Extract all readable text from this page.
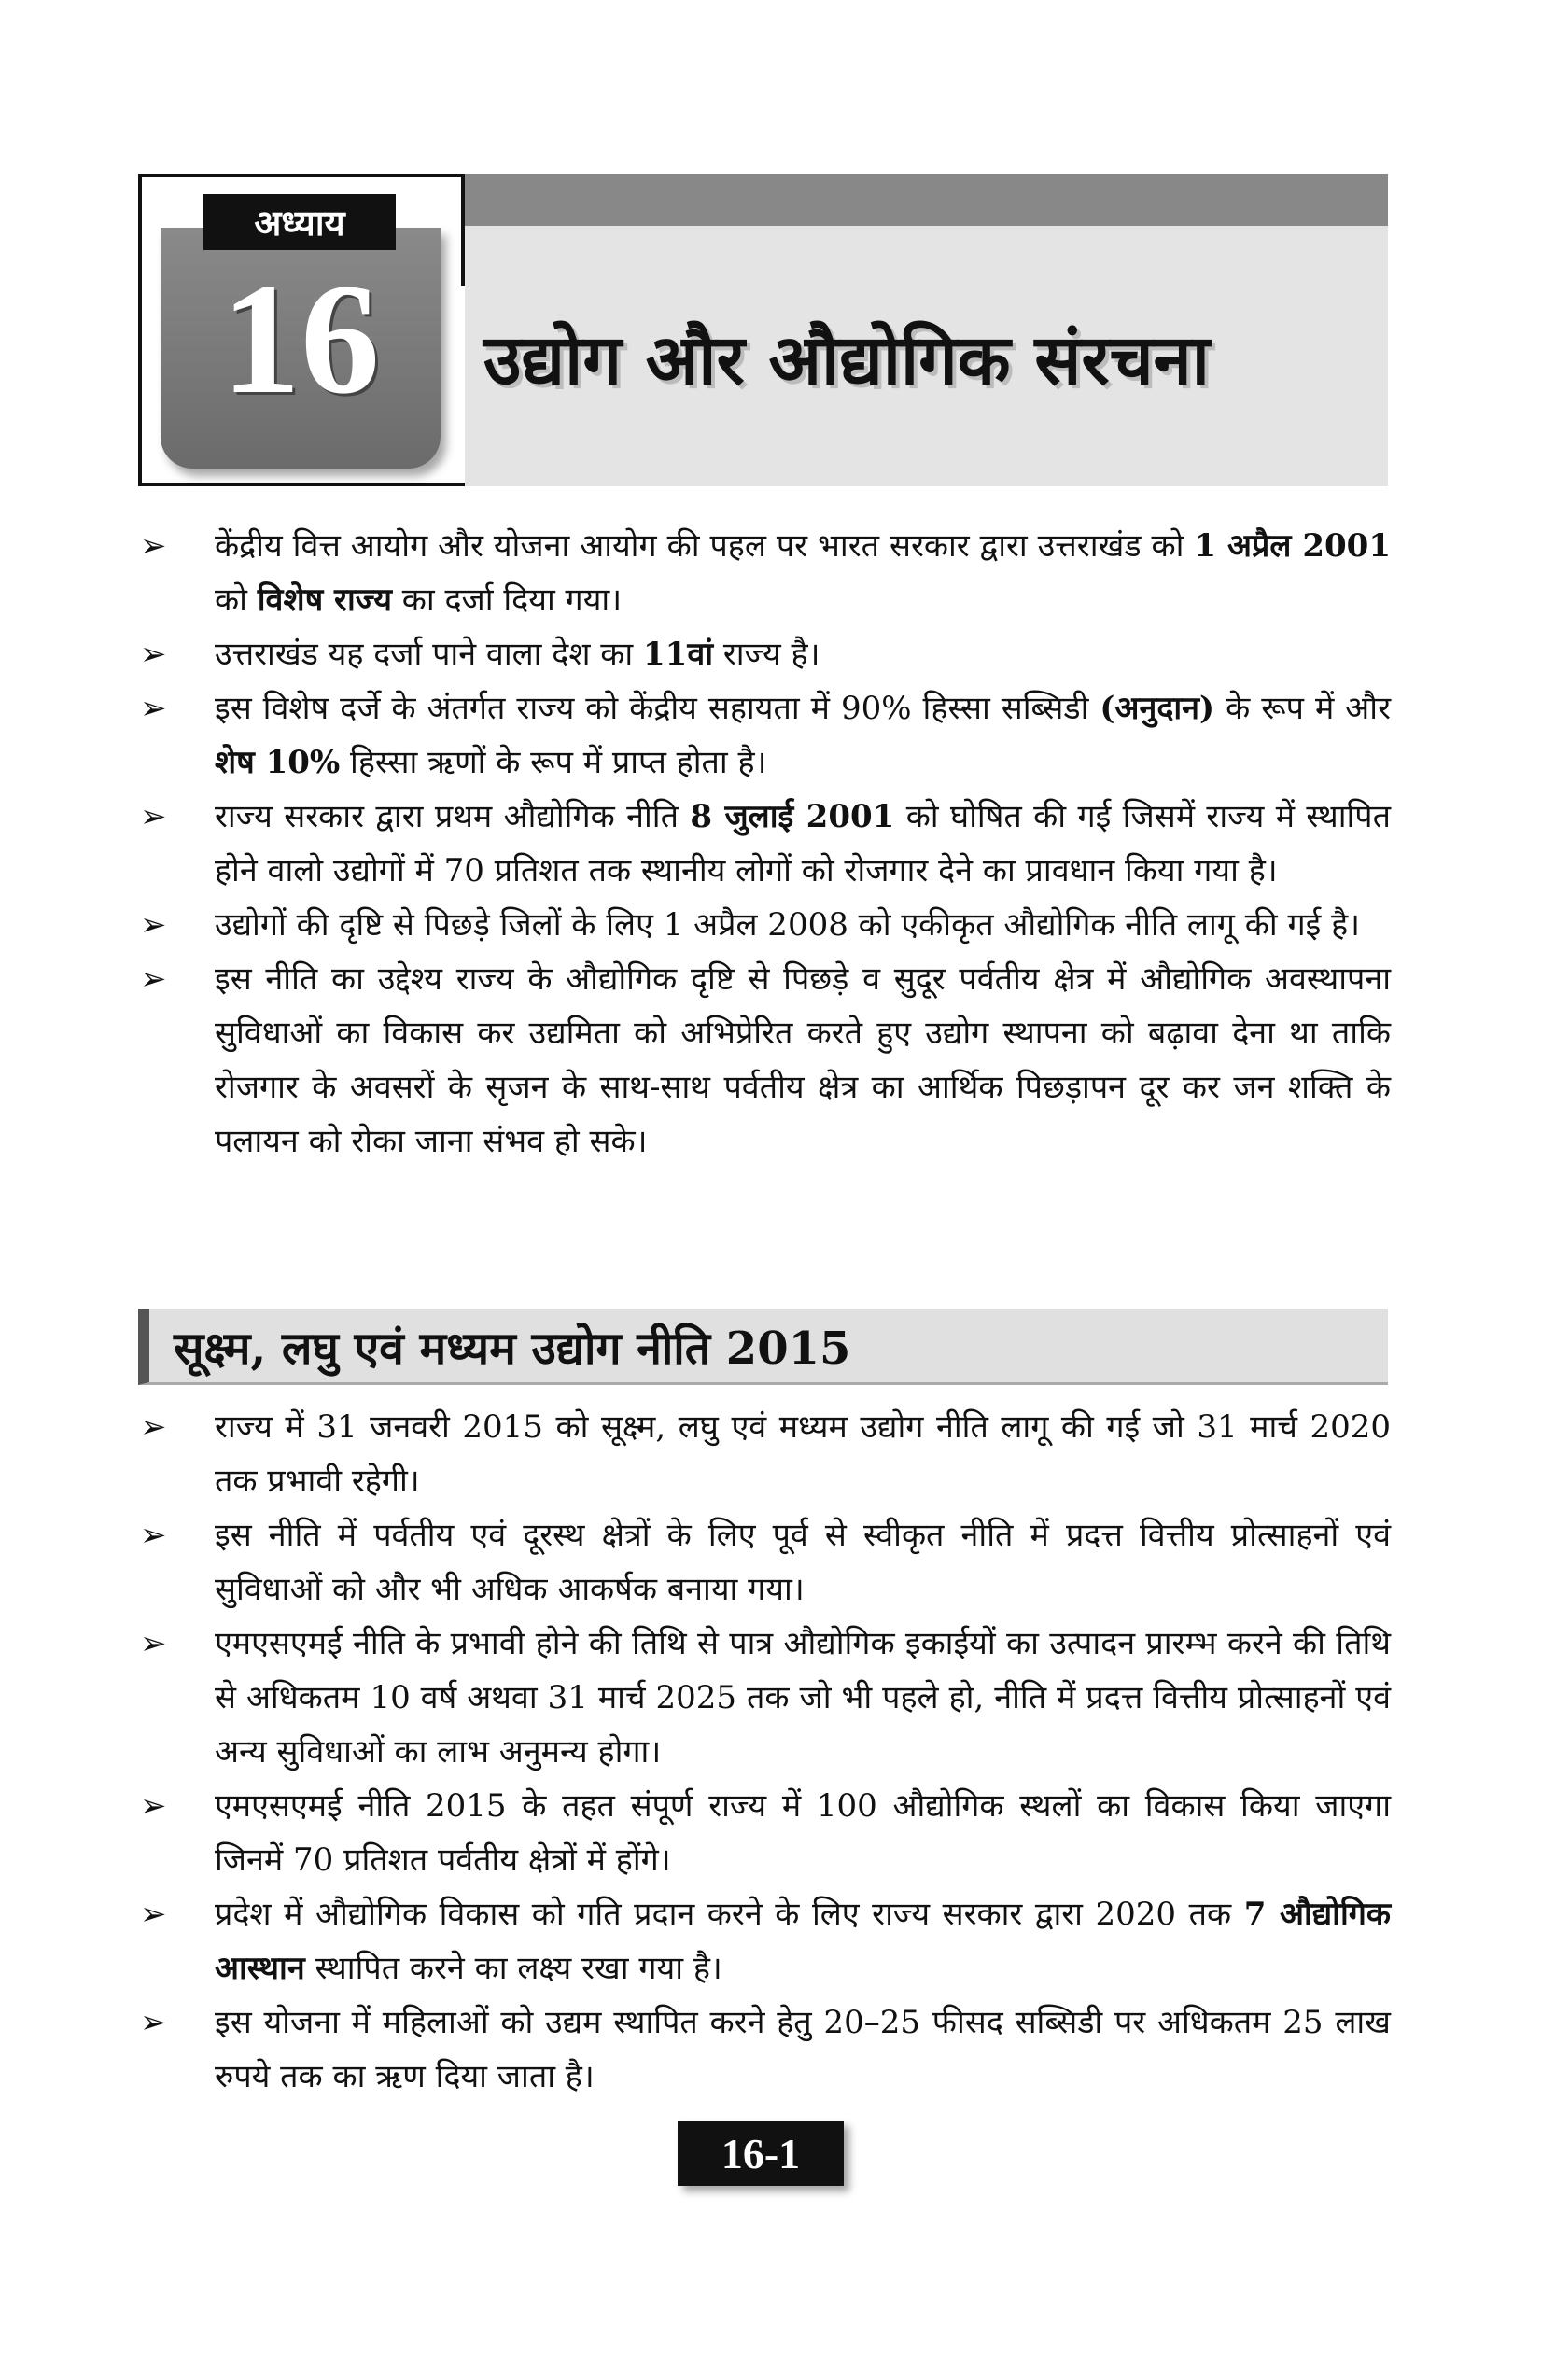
अध्याय
16	उद्योग और औद्योगिक संरचना
➢ केंद्रीय वित्त आयोग और योजना आयोग की पहल पर भारत सरकार द्वारा उत्तराखंड को 1 अप्रैल 2001 को विशेष राज्य का दर्जा दिया गया।
➢ उत्तराखंड यह दर्जा पाने वाला देश का 11वां राज्य है।
➢ इस विशेष दर्जे के अंतर्गत राज्य को केंद्रीय सहायता में 90% हिस्सा सब्सिडी (अनुदान) के रूप में और शेष 10% हिस्सा ऋणों के रूप में प्राप्त होता है।
➢ राज्य सरकार द्वारा प्रथम औद्योगिक नीति 8 जुलाई 2001 को घोषित की गई जिसमें राज्य में स्थापित होने वालो उद्योगों में 70 प्रतिशत तक स्थानीय लोगों को रोजगार देने का प्रावधान किया गया है।
➢ उद्योगों की दृष्टि से पिछड़े जिलों के लिए 1 अप्रैल 2008 को एकीकृत औद्योगिक नीति लागू की गई है।
➢ इस नीति का उद्देश्य राज्य के औद्योगिक दृष्टि से पिछड़े व सुदूर पर्वतीय क्षेत्र में औद्योगिक अवस्थापना सुविधाओं का विकास कर उद्यमिता को अभिप्रेरित करते हुए उद्योग स्थापना को बढ़ावा देना था ताकि रोजगार के अवसरों के सृजन के साथ-साथ पर्वतीय क्षेत्र का आर्थिक पिछड़ापन दूर कर जन शक्ति के पलायन को रोका जाना संभव हो सके।
सूक्ष्म, लघु एवं मध्यम उद्योग नीति 2015
➢ राज्य में 31 जनवरी 2015 को सूक्ष्म, लघु एवं मध्यम उद्योग नीति लागू की गई जो 31 मार्च 2020 तक प्रभावी रहेगी।
➢ इस नीति में पर्वतीय एवं दूरस्थ क्षेत्रों के लिए पूर्व से स्वीकृत नीति में प्रदत्त वित्तीय प्रोत्साहनों एवं सुविधाओं को और भी अधिक आकर्षक बनाया गया।
➢ एमएसएमई नीति के प्रभावी होने की तिथि से पात्र औद्योगिक इकाईयों का उत्पादन प्रारम्भ करने की तिथि से अधिकतम 10 वर्ष अथवा 31 मार्च 2025 तक जो भी पहले हो, नीति में प्रदत्त वित्तीय प्रोत्साहनों एवं अन्य सुविधाओं का लाभ अनुमन्य होगा।
➢ एमएसएमई नीति 2015 के तहत संपूर्ण राज्य में 100 औद्योगिक स्थलों का विकास किया जाएगा जिनमें 70 प्रतिशत पर्वतीय क्षेत्रों में होंगे।
➢ प्रदेश में औद्योगिक विकास को गति प्रदान करने के लिए राज्य सरकार द्वारा 2020 तक 7 औद्योगिक आस्थान स्थापित करने का लक्ष्य रखा गया है।
➢ इस योजना में महिलाओं को उद्यम स्थापित करने हेतु 20–25 फीसद सब्सिडी पर अधिकतम 25 लाख रुपये तक का ऋण दिया जाता है।
16-1
